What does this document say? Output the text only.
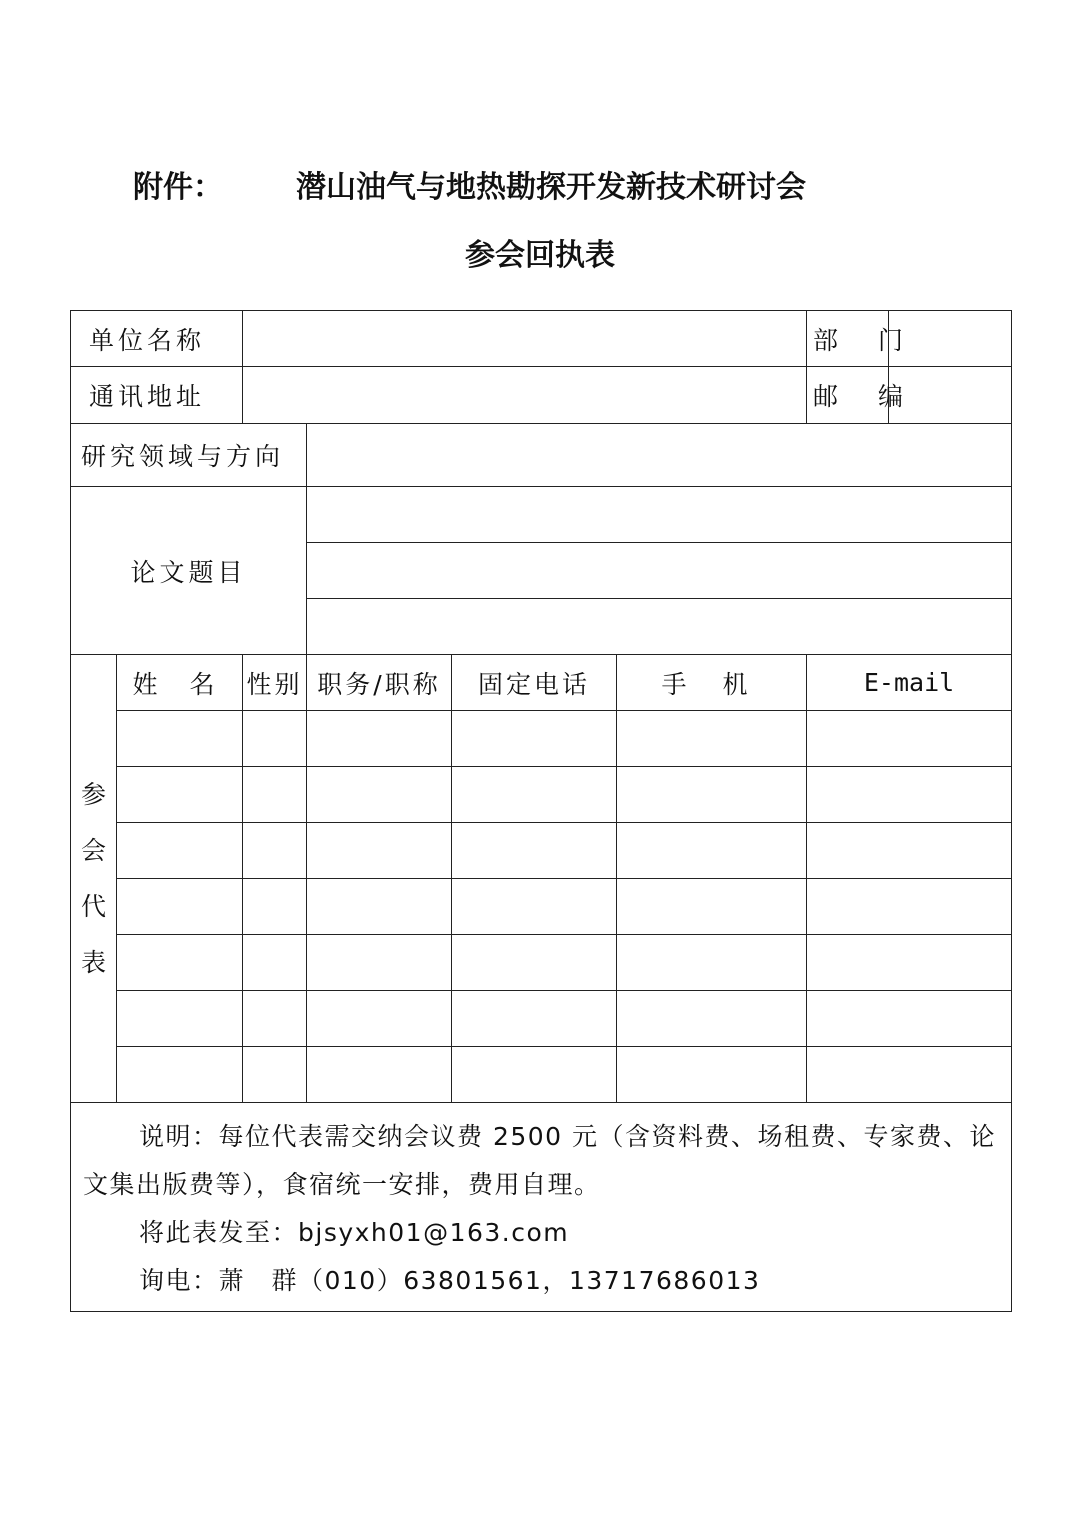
附件： 潜山油气与地热勘探开发新技术研讨会
参会回执表
单位名称						部 门	
通讯地址						邮 编	
研究领域与方向							
论文题目							

参
会
代
表	姓 名	性别	职务/职称	固定电话	手 机	E-mail	

说明：每位代表需交纳会议费 2500 元（含资料费、场租费、专家费、论文集出版费等），食宿统一安排，费用自理。

将此表发至：bjsyxh01@163.com

询电：萧　群（010）63801561，13717686013							
